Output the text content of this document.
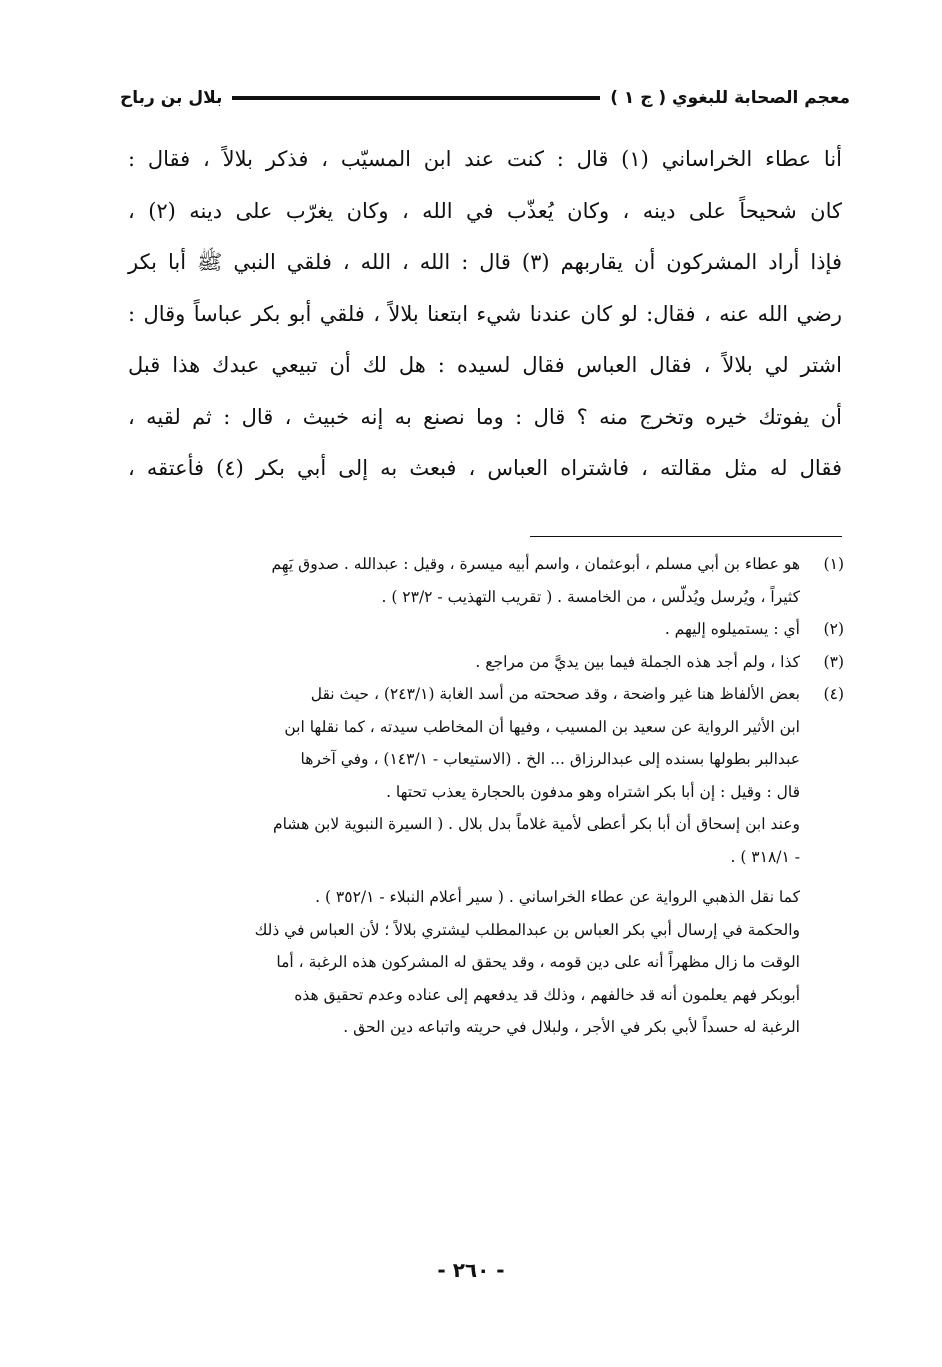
معجم الصحابة للبغوي ( ج ١ )
بلال بن رباح

أنا عطاء الخراساني (١) قال : كنت عند ابن المسيّب ، فذكر بلالاً ، فقال :

كان شحيحاً على دينه ، وكان يُعذّب في الله ، وكان يغرّب على دينه (٢) ،

فإذا أراد المشركون أن يقاربهم (٣) قال : الله ، الله ، فلقي النبي ﷺ أبا بكر

رضي الله عنه ، فقال: لو كان عندنا شيء ابتعنا بلالاً ، فلقي أبو بكر عباساً وقال :

اشتر لي بلالاً ، فقال العباس فقال لسيده : هل لك أن تبيعي عبدك هذا قبل

أن يفوتك خيره وتخرج منه ؟ قال : وما نصنع به إنه خبيث ، قال : ثم لقيه ،

فقال له مثل مقالته ، فاشتراه العباس ، فبعث به إلى أبي بكر (٤) فأعتقه ،

(١)
هو عطاء بن أبي مسلم ، أبوعثمان ، واسم أبيه ميسرة ، وقيل : عبدالله . صدوق يَهِم
كثيراً ، ويُرسل ويُدلّس ، من الخامسة . ( تقريب التهذيب - ٢٣/٢ ) .
(٢)
أي : يستميلوه إليهم .
(٣)
كذا ، ولم أجد هذه الجملة فيما بين يديَّ من مراجع .
(٤)
بعض الألفاظ هنا غير واضحة ، وقد صححته من أسد الغابة (٢٤٣/١) ، حيث نقل
ابن الأثير الرواية عن سعيد بن المسيب ، وفيها أن المخاطب سيدته ، كما نقلها ابن
عبدالبر بطولها بسنده إلى عبدالرزاق ... الخ . (الاستيعاب - ١٤٣/١) ، وفي آخرها
قال : وقيل : إن أبا بكر اشتراه وهو مدفون بالحجارة يعذب تحتها .
وعند ابن إسحاق أن أبا بكر أعطى لأمية غلاماً بدل بلال . ( السيرة النبوية لابن هشام
- ٣١٨/١ ) .
كما نقل الذهبي الرواية عن عطاء الخراساني . ( سير أعلام النبلاء - ٣٥٢/١ ) .
والحكمة في إرسال أبي بكر العباس بن عبدالمطلب ليشتري بلالاً ؛ لأن العباس في ذلك
الوقت ما زال مظهراً أنه على دين قومه ، وقد يحقق له المشركون هذه الرغبة ، أما
أبوبكر فهم يعلمون أنه قد خالفهم ، وذلك قد يدفعهم إلى عناده وعدم تحقيق هذه
الرغبة له حسداً لأبي بكر في الأجر ، ولبلال في حريته واتباعه دين الحق .
- ٢٦٠ -
